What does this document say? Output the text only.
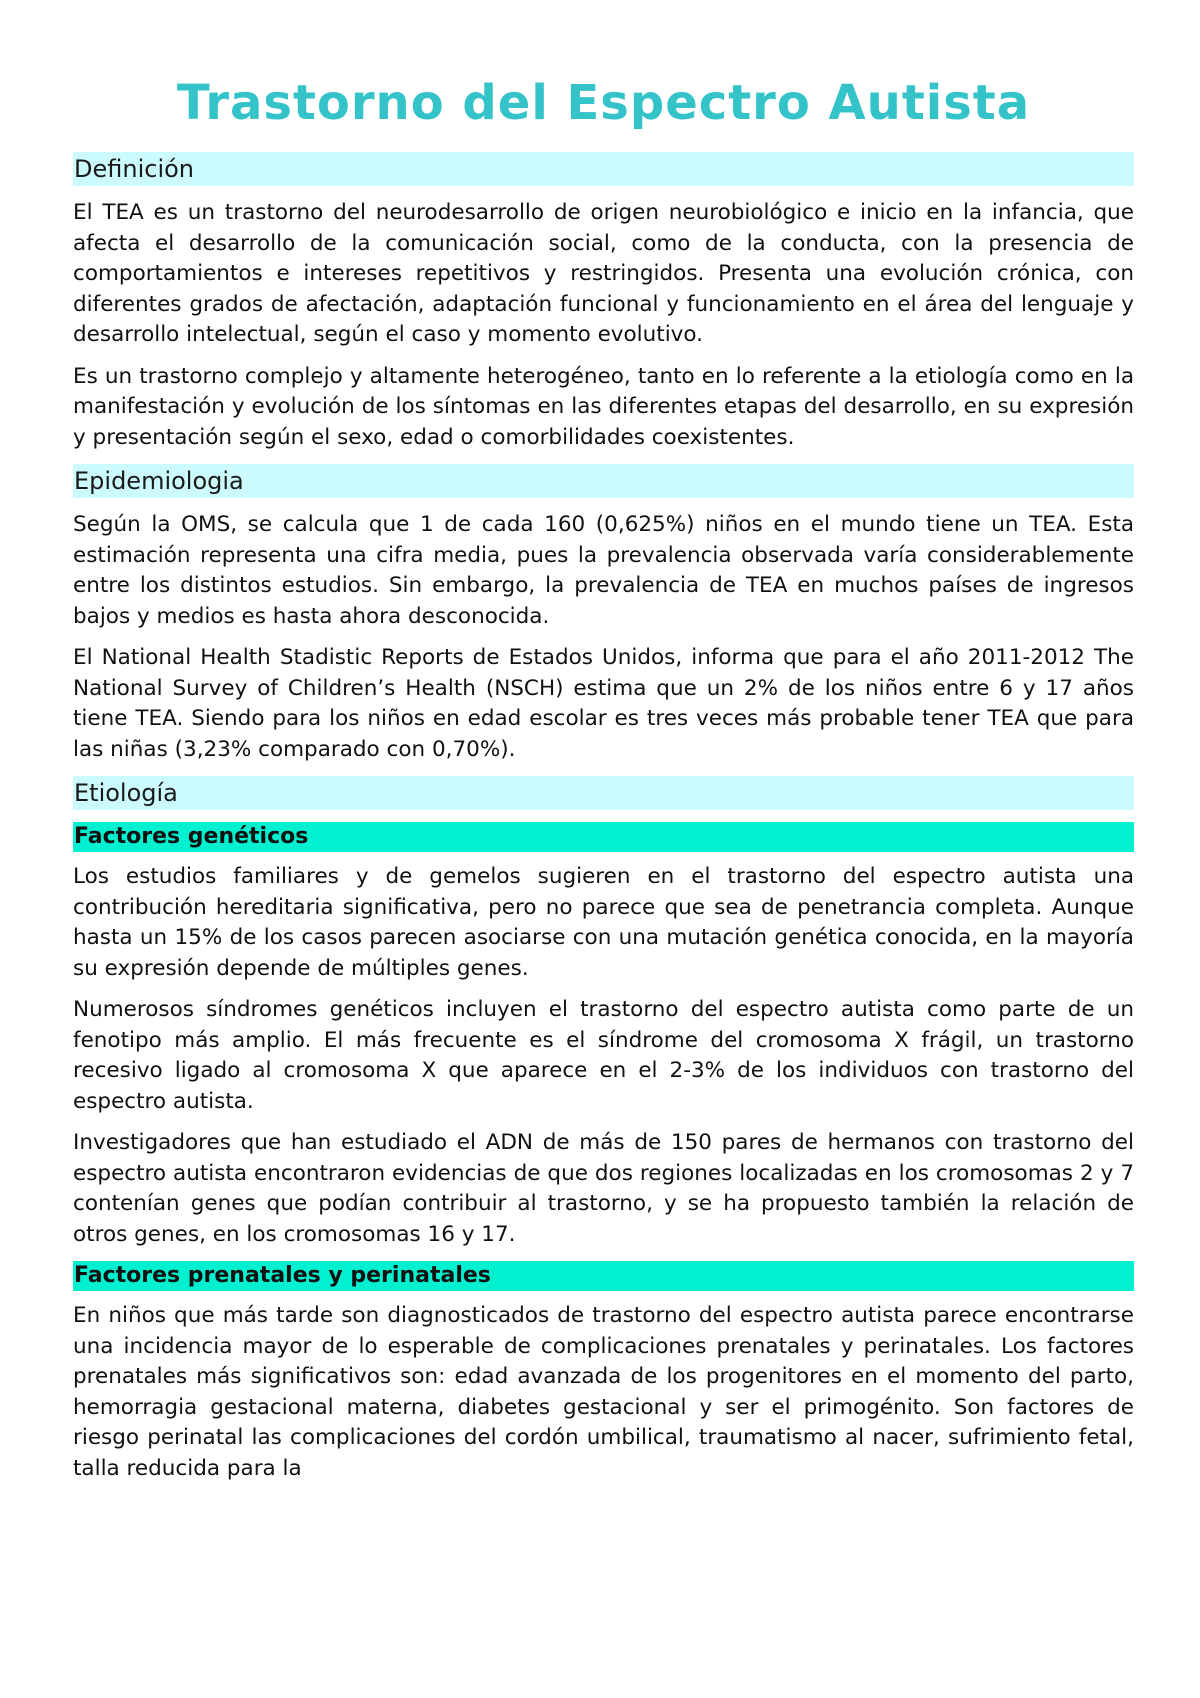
Trastorno del Espectro Autista
Definición

El TEA es un trastorno del neurodesarrollo de origen neurobiológico e inicio en la infancia, que afecta el desarrollo de la comunicación social, como de la conducta, con la presencia de comportamientos e intereses repetitivos y restringidos. Presenta una evolución crónica, con diferentes grados de afectación, adaptación funcional y funcionamiento en el área del lenguaje y desarrollo intelectual, según el caso y momento evolutivo.

Es un trastorno complejo y altamente heterogéneo, tanto en lo referente a la etiología como en la manifestación y evolución de los síntomas en las diferentes etapas del desarrollo, en su expresión y presentación según el sexo, edad o comorbilidades coexistentes.

Epidemiologia

Según la OMS, se calcula que 1 de cada 160 (0,625%) niños en el mundo tiene un TEA. Esta estimación representa una cifra media, pues la prevalencia observada varía considerablemente entre los distintos estudios. Sin embargo, la prevalencia de TEA en muchos países de ingresos bajos y medios es hasta ahora desconocida.

El National Health Stadistic Reports de Estados Unidos, informa que para el año 2011-2012 The National Survey of Children’s Health (NSCH) estima que un 2% de los niños entre 6 y 17 años tiene TEA. Siendo para los niños en edad escolar es tres veces más probable tener TEA que para las niñas (3,23% comparado con 0,70%).

Etiología
Factores genéticos

Los estudios familiares y de gemelos sugieren en el trastorno del espectro autista una contribución hereditaria significativa, pero no parece que sea de penetrancia completa. Aunque hasta un 15% de los casos parecen asociarse con una mutación genética conocida, en la mayoría su expresión depende de múltiples genes.

Numerosos síndromes genéticos incluyen el trastorno del espectro autista como parte de un fenotipo más amplio. El más frecuente es el síndrome del cromosoma X frágil, un trastorno recesivo ligado al cromosoma X que aparece en el 2-3% de los individuos con trastorno del espectro autista.

Investigadores que han estudiado el ADN de más de 150 pares de hermanos con trastorno del espectro autista encontraron evidencias de que dos regiones localizadas en los cromosomas 2 y 7 contenían genes que podían contribuir al trastorno, y se ha propuesto también la relación de otros genes, en los cromosomas 16 y 17.

Factores prenatales y perinatales

En niños que más tarde son diagnosticados de trastorno del espectro autista parece encontrarse una incidencia mayor de lo esperable de complicaciones prenatales y perinatales. Los factores prenatales más significativos son: edad avanzada de los progenitores en el momento del parto, hemorragia gestacional materna, diabetes gestacional y ser el primogénito. Son factores de riesgo perinatal las complicaciones del cordón umbilical, traumatismo al nacer, sufrimiento fetal, talla reducida para la
